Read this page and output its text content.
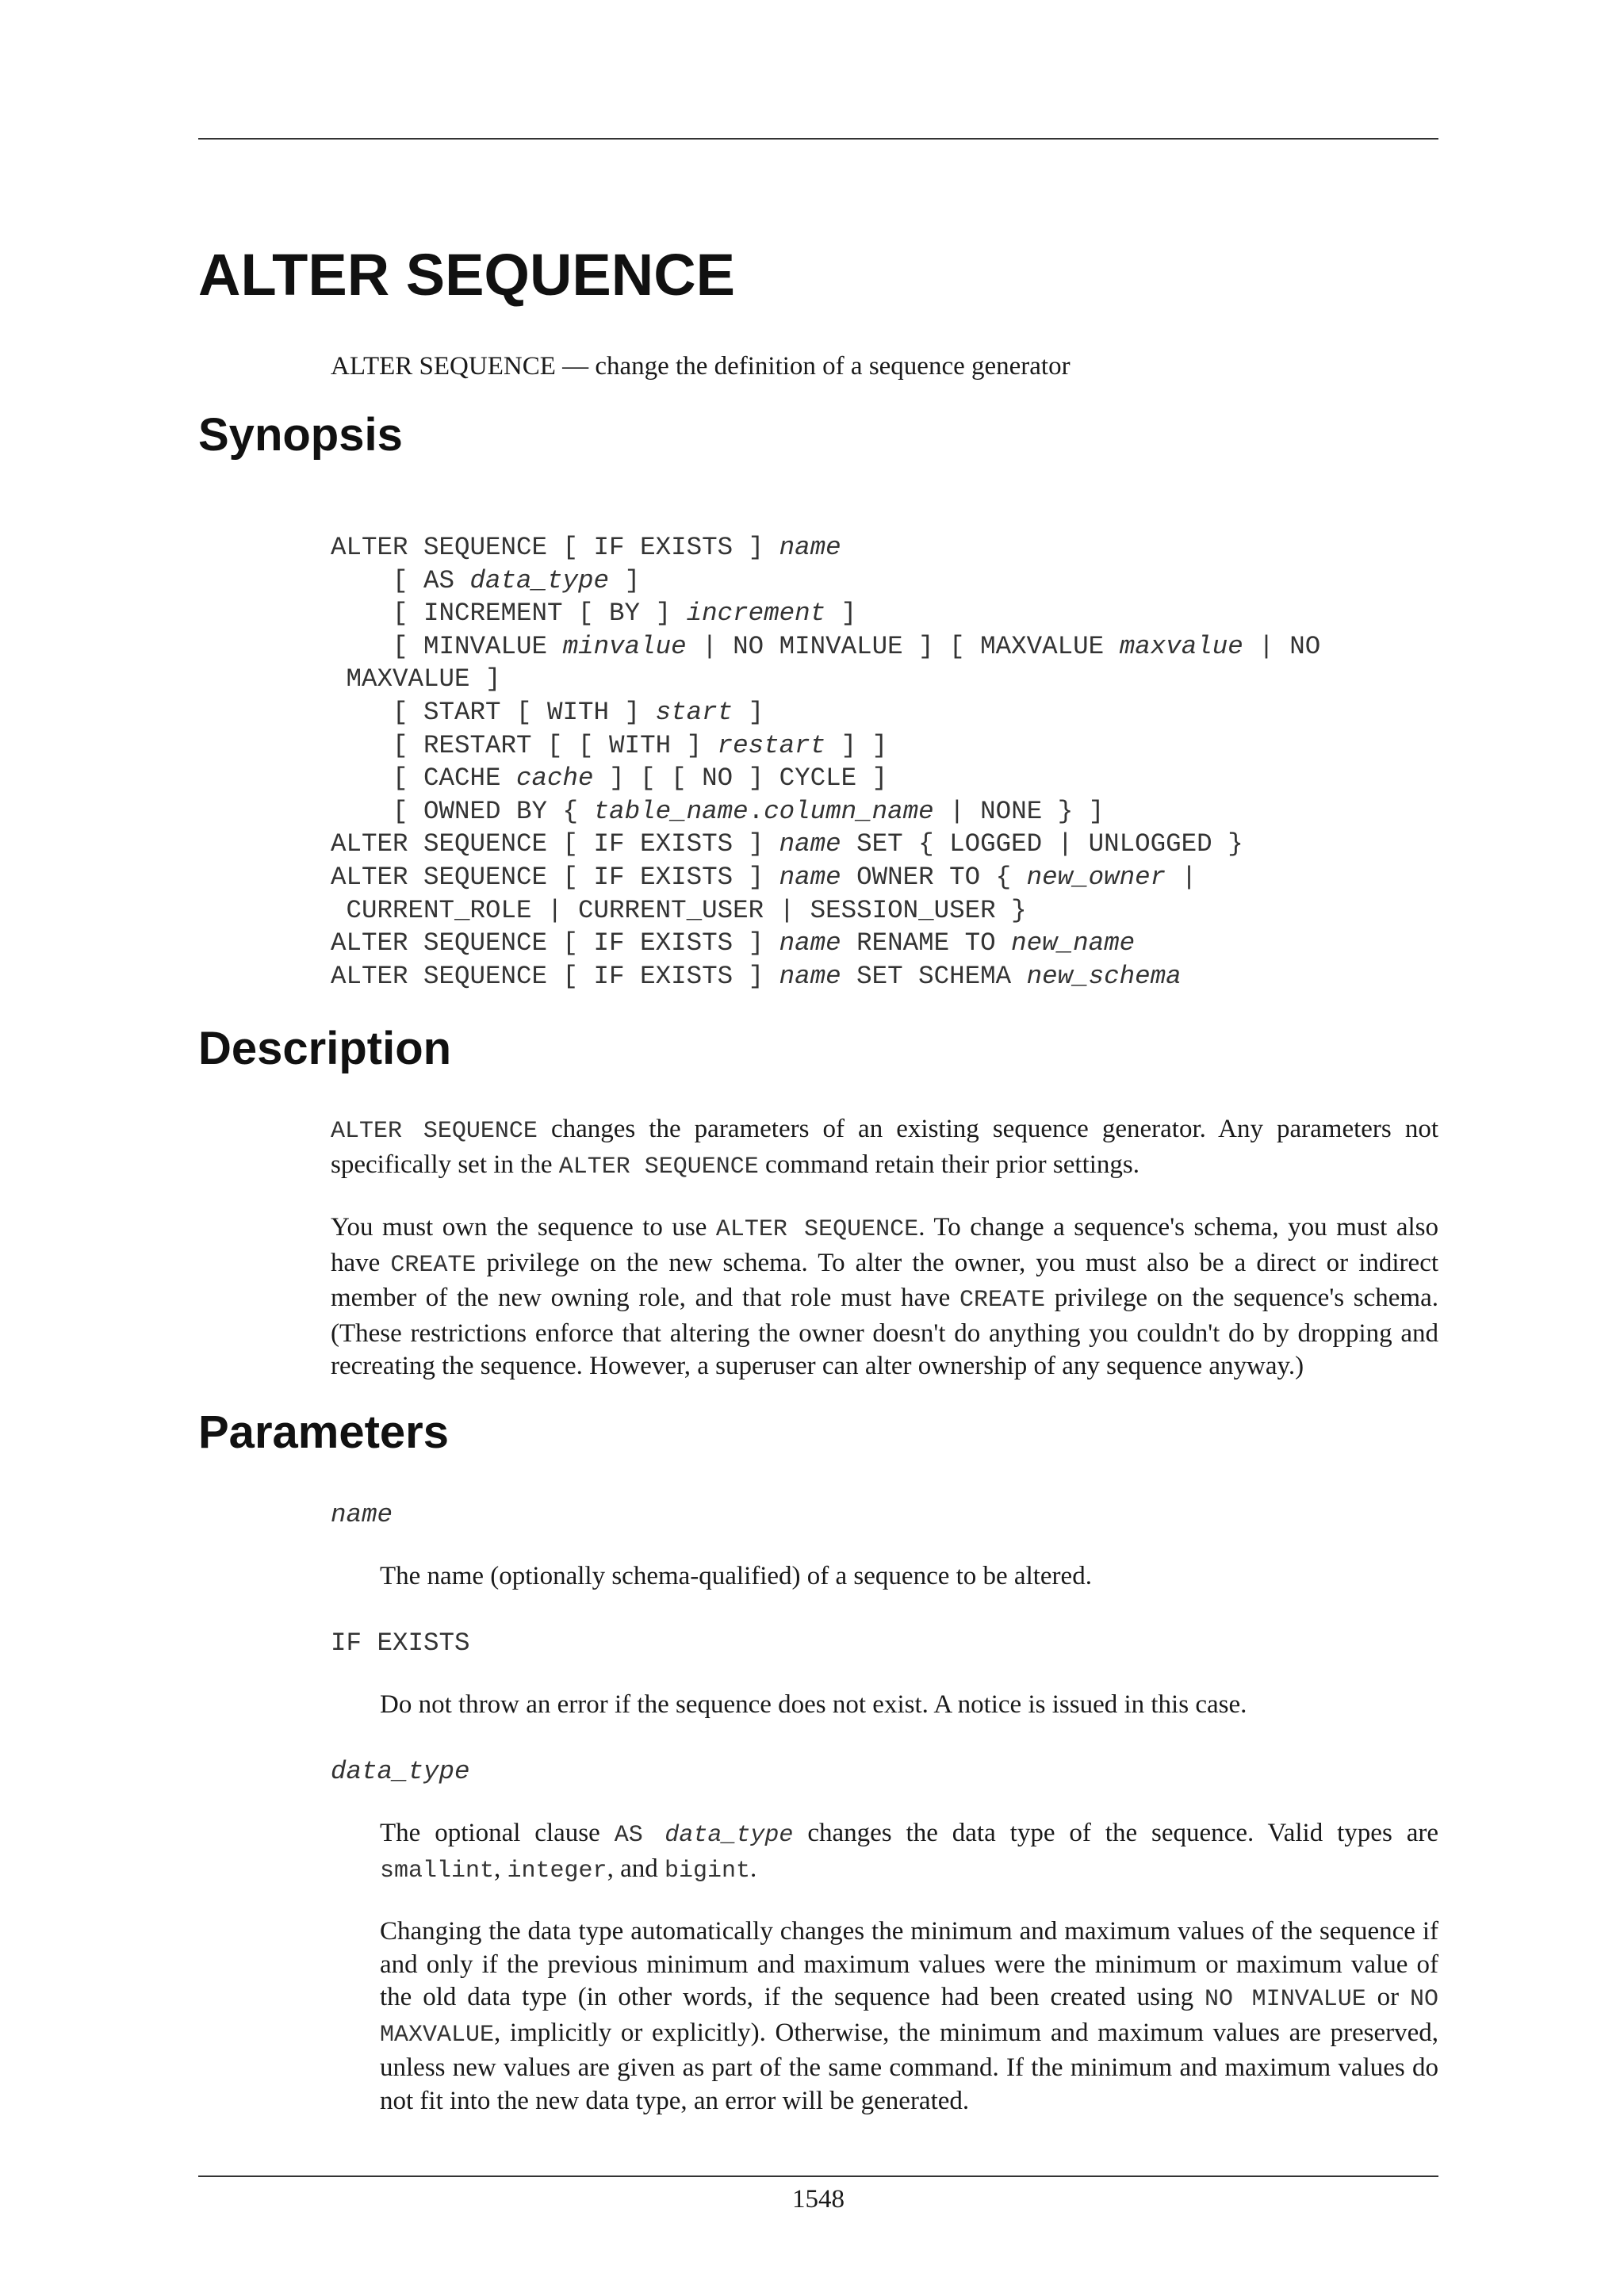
ALTER SEQUENCE

ALTER SEQUENCE — change the definition of a sequence generator

Synopsis
ALTER SEQUENCE [ IF EXISTS ] name
[ AS data_type ]
[ INCREMENT [ BY ] increment ]
[ MINVALUE minvalue | NO MINVALUE ] [ MAXVALUE maxvalue | NO
MAXVALUE ]
[ START [ WITH ] start ]
[ RESTART [ [ WITH ] restart ] ]
[ CACHE cache ] [ [ NO ] CYCLE ]
[ OWNED BY { table_name.column_name | NONE } ]
ALTER SEQUENCE [ IF EXISTS ] name SET { LOGGED | UNLOGGED }
ALTER SEQUENCE [ IF EXISTS ] name OWNER TO { new_owner |
CURRENT_ROLE | CURRENT_USER | SESSION_USER }
ALTER SEQUENCE [ IF EXISTS ] name RENAME TO new_name
ALTER SEQUENCE [ IF EXISTS ] name SET SCHEMA new_schema
Description

ALTER SEQUENCE changes the parameters of an existing sequence generator. Any parameters not specifically set in the ALTER SEQUENCE command retain their prior settings.

You must own the sequence to use ALTER SEQUENCE. To change a sequence's schema, you must also have CREATE privilege on the new schema. To alter the owner, you must also be a direct or indirect member of the new owning role, and that role must have CREATE privilege on the sequence's schema. (These restrictions enforce that altering the owner doesn't do anything you couldn't do by dropping and recreating the sequence. However, a superuser can alter ownership of any sequence anyway.)

Parameters

name

The name (optionally schema-qualified) of a sequence to be altered.

IF EXISTS

Do not throw an error if the sequence does not exist. A notice is issued in this case.

data_type

The optional clause AS data_type changes the data type of the sequence. Valid types are smallint, integer, and bigint.

Changing the data type automatically changes the minimum and maximum values of the sequence if and only if the previous minimum and maximum values were the minimum or maximum value of the old data type (in other words, if the sequence had been created using NO MINVALUE or NO MAXVALUE, implicitly or explicitly). Otherwise, the minimum and maximum values are preserved, unless new values are given as part of the same command. If the minimum and maximum values do not fit into the new data type, an error will be generated.

1548
